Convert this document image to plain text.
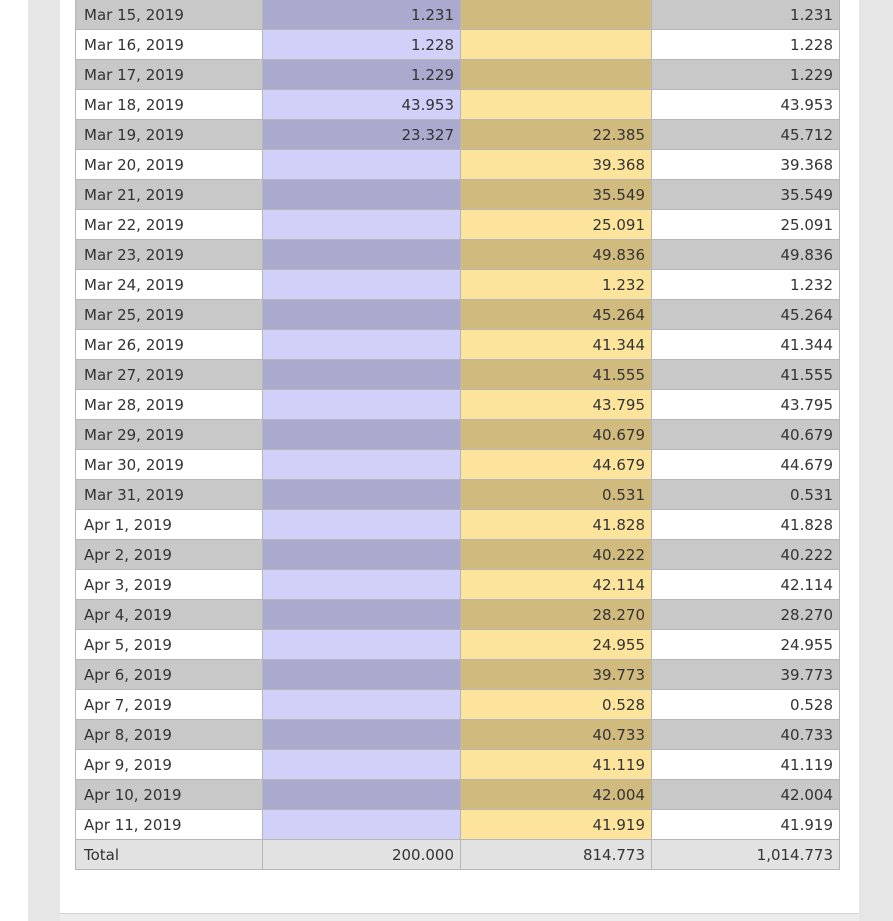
Mar 15, 2019	1.231		1.231
Mar 16, 2019	1.228		1.228
Mar 17, 2019	1.229		1.229
Mar 18, 2019	43.953		43.953
Mar 19, 2019	23.327	22.385	45.712
Mar 20, 2019		39.368	39.368
Mar 21, 2019		35.549	35.549
Mar 22, 2019		25.091	25.091
Mar 23, 2019		49.836	49.836
Mar 24, 2019		1.232	1.232
Mar 25, 2019		45.264	45.264
Mar 26, 2019		41.344	41.344
Mar 27, 2019		41.555	41.555
Mar 28, 2019		43.795	43.795
Mar 29, 2019		40.679	40.679
Mar 30, 2019		44.679	44.679
Mar 31, 2019		0.531	0.531
Apr 1, 2019		41.828	41.828
Apr 2, 2019		40.222	40.222
Apr 3, 2019		42.114	42.114
Apr 4, 2019		28.270	28.270
Apr 5, 2019		24.955	24.955
Apr 6, 2019		39.773	39.773
Apr 7, 2019		0.528	0.528
Apr 8, 2019		40.733	40.733
Apr 9, 2019		41.119	41.119
Apr 10, 2019		42.004	42.004
Apr 11, 2019		41.919	41.919
Total	200.000	814.773	1,014.773
